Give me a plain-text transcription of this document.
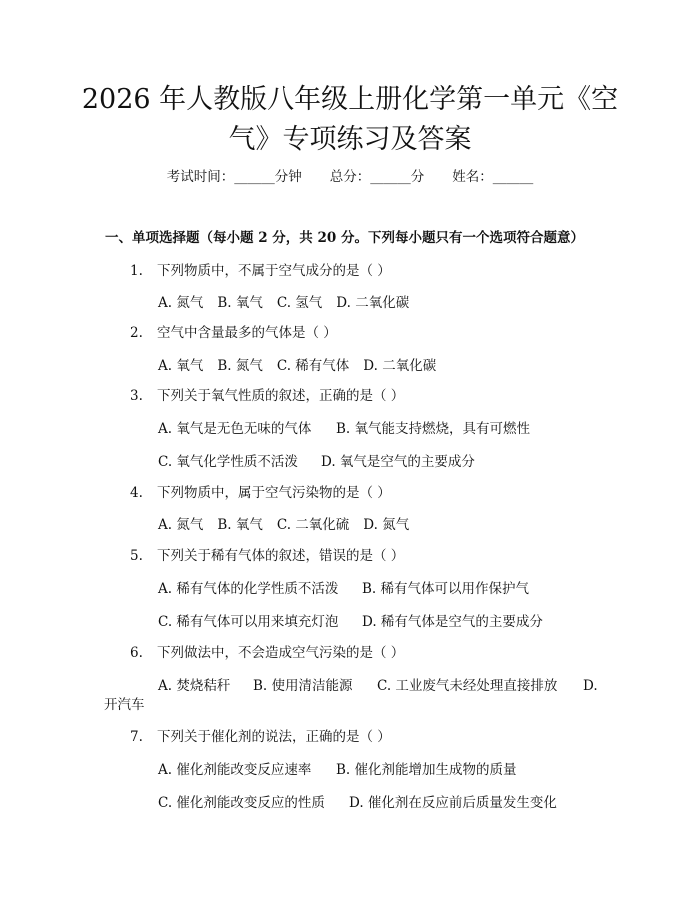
2026 年人教版八年级上册化学第一单元《空
气》专项练习及答案
考试时间：______分钟 总分：______分 姓名：______
一、单项选择题（每小题 2 分，共 20 分。下列每小题只有一个选项符合题意）
1.	下列物质中，不属于空气成分的是（ ）
A. 氮气 B. 氧气 C. 氢气 D. 二氧化碳
2.	空气中含量最多的气体是（ ）
A. 氧气 B. 氮气 C. 稀有气体 D. 二氧化碳
3.	下列关于氧气性质的叙述，正确的是（ ）
A. 氧气是无色无味的气体 B. 氧气能支持燃烧，具有可燃性
C. 氧气化学性质不活泼 D. 氧气是空气的主要成分
4.	下列物质中，属于空气污染物的是（ ）
A. 氮气 B. 氧气 C. 二氧化硫 D. 氮气
5.	下列关于稀有气体的叙述，错误的是（ ）
A. 稀有气体的化学性质不活泼 B. 稀有气体可以用作保护气
C. 稀有气体可以用来填充灯泡 D. 稀有气体是空气的主要成分
6.	下列做法中，不会造成空气污染的是（ ）
A. 焚烧秸秆 B. 使用清洁能源 C. 工业废气未经处理直接排放 D.
开汽车
7.	下列关于催化剂的说法，正确的是（ ）
A. 催化剂能改变反应速率 B. 催化剂能增加生成物的质量
C. 催化剂能改变反应的性质 D. 催化剂在反应前后质量发生变化
